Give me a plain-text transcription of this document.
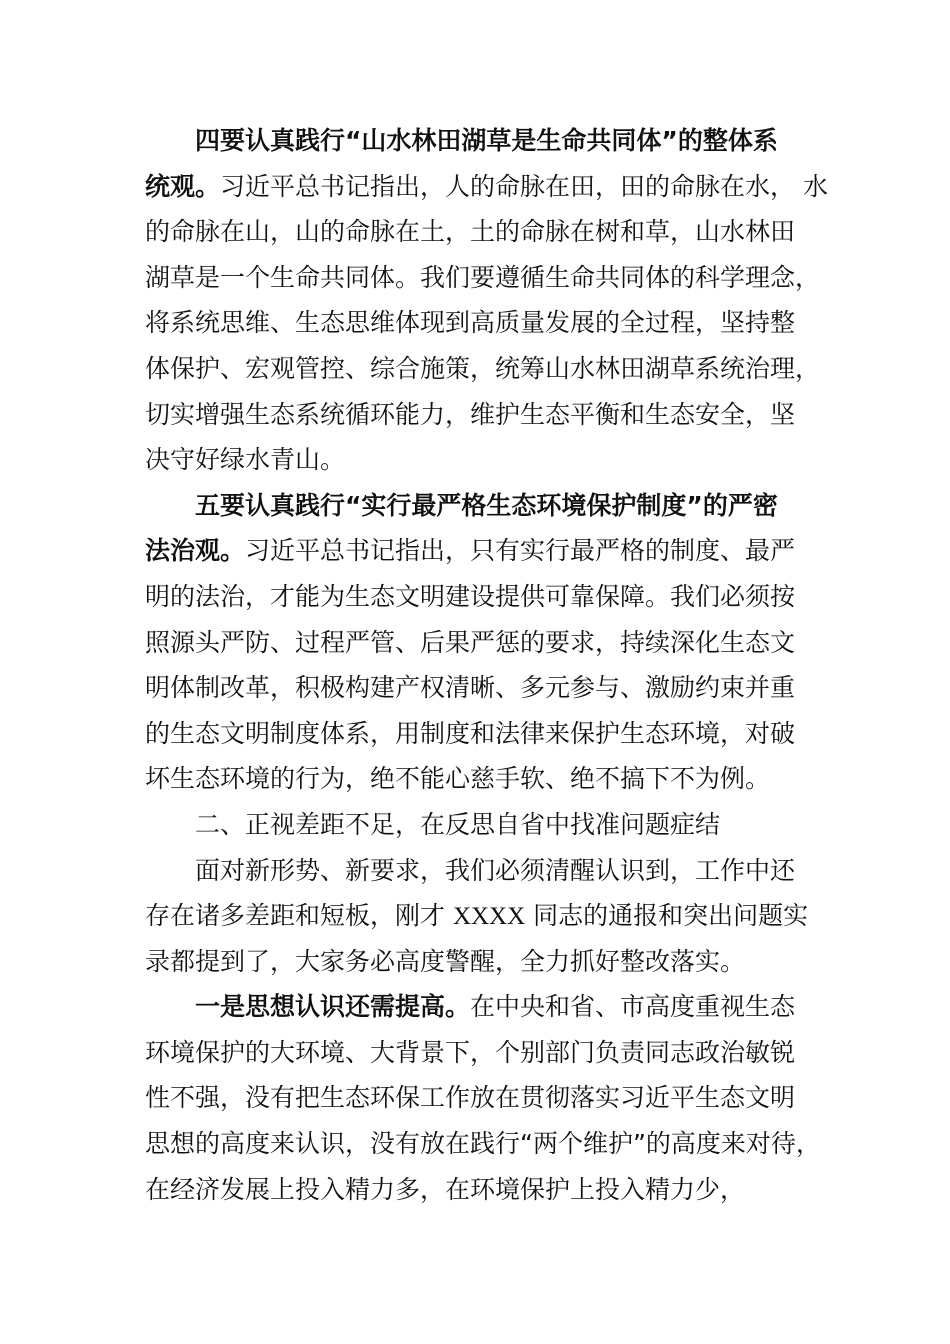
四要认真践行“山水林田湖草是生命共同体”的整体系
统观。习近平总书记指出，人的命脉在田，田的命脉在水， 水
的命脉在山，山的命脉在土，土的命脉在树和草，山水林田
湖草是一个生命共同体。我们要遵循生命共同体的科学理念，
将系统思维、生态思维体现到高质量发展的全过程，坚持整
体保护、宏观管控、综合施策，统筹山水林田湖草系统治理，
切实增强生态系统循环能力，维护生态平衡和生态安全，坚
决守好绿水青山。
五要认真践行“实行最严格生态环境保护制度”的严密
法治观。习近平总书记指出，只有实行最严格的制度、最严
明的法治，才能为生态文明建设提供可靠保障。我们必须按
照源头严防、过程严管、后果严惩的要求，持续深化生态文
明体制改革，积极构建产权清晰、多元参与、激励约束并重
的生态文明制度体系，用制度和法律来保护生态环境，对破
坏生态环境的行为，绝不能心慈手软、绝不搞下不为例。
二、正视差距不足，在反思自省中找准问题症结
面对新形势、新要求，我们必须清醒认识到，工作中还
存在诸多差距和短板，刚才 XXXX 同志的通报和突出问题实
录都提到了，大家务必高度警醒，全力抓好整改落实。
一是思想认识还需提高。在中央和省、市高度重视生态
环境保护的大环境、大背景下，个别部门负责同志政治敏锐
性不强，没有把生态环保工作放在贯彻落实习近平生态文明
思想的高度来认识，没有放在践行“两个维护”的高度来对待，
在经济发展上投入精力多，在环境保护上投入精力少，
